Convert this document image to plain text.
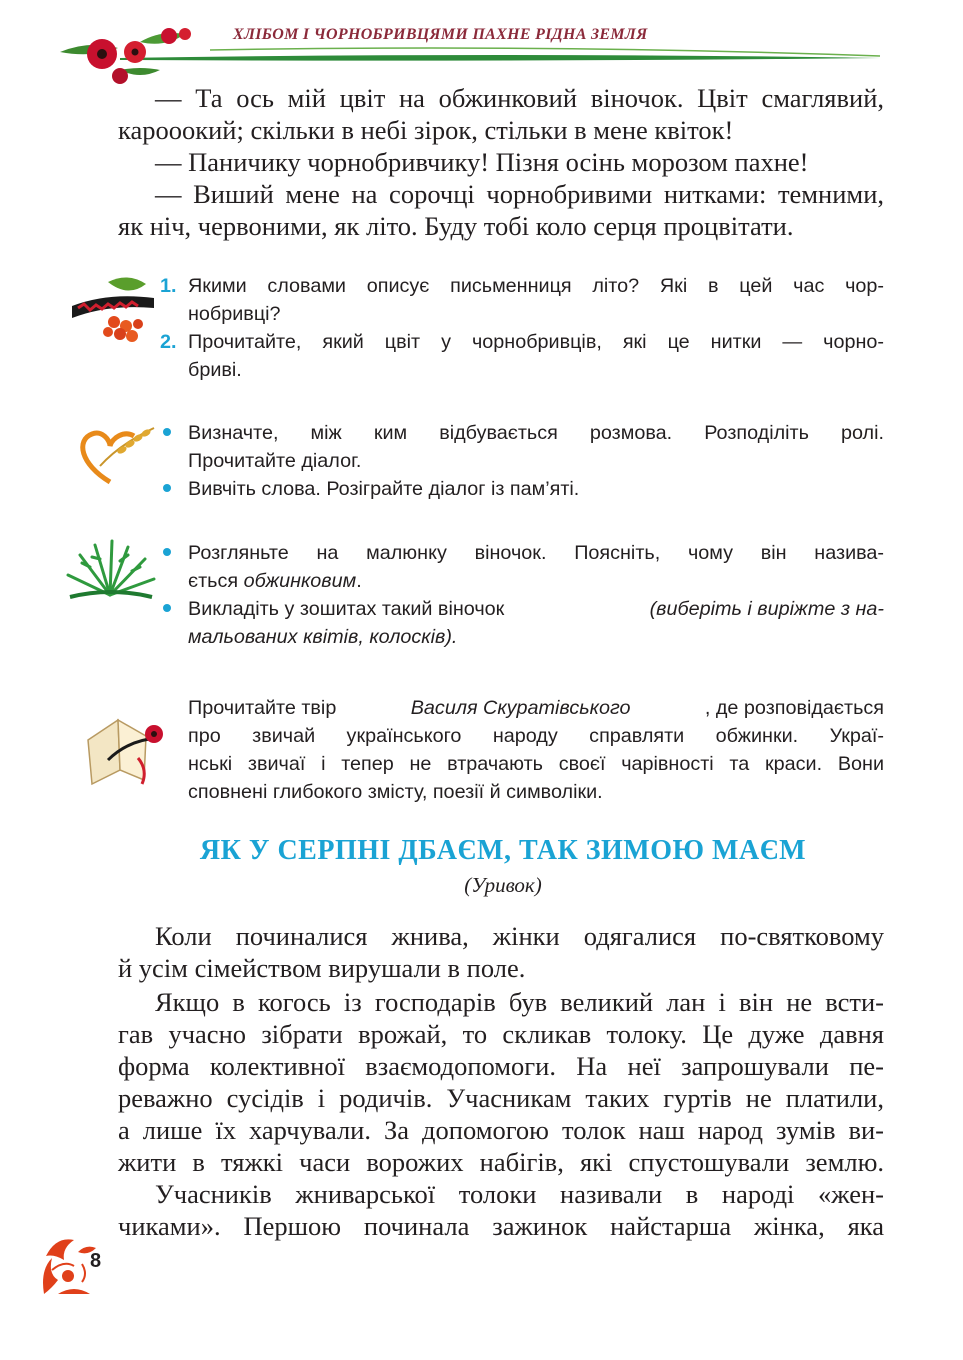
ХЛІБОМ І ЧОРНОБРИВЦЯМИ ПАХНЕ РІДНА ЗЕМЛЯ
— Та ось мій цвіт на обжинковий віночок. Цвіт смаглявий,
карооокий; скільки в небі зірок, стільки в мене квіток!
— Паничику чорнобривчику! Пізня осінь морозом пахне!
— Виший мене на сорочці чорнобривими нитками: темними,
як ніч, червоними, як літо. Буду тобі коло серця процвітати.
1. Якими словами описує письменниця літо? Які в цей час чор-
нобривці?
2. Прочитайте, який цвіт у чорнобривців, які це нитки — чорно-
бриві.
Визначте, між ким відбувається розмова. Розподіліть ролі.
Прочитайте діалог.
Вивчіть слова. Розіграйте діалог із пам’яті.
Розгляньте на малюнку віночок. Поясніть, чому він назива-
ється обжинковим.
Викладіть у зошитах такий віночок	(виберіть і виріжте з на-
мальованих квітів, колосків).
Прочитайте твір	Василя Скуратівського	, де розповідається
про звичай українського народу справляти обжинки. Украї-
нські звичаї і тепер не втрачають своєї чарівності та краси. Вони
сповнені глибокого змісту, поезії й символіки.
ЯК У СЕРПНІ ДБАЄМ, ТАК ЗИМОЮ МАЄМ
(Уривок)
Коли починалися жнива, жінки одягалися по-святковому
й усім сімейством вирушали в поле.
Якщо в когось із господарів був великий лан і він не всти-
гав учасно зібрати врожай, то скликав толоку. Це дуже давня
форма колективної взаємодопомоги. На неї запрошували пе-
реважно сусідів і родичів. Учасникам таких гуртів не платили,
а лише їх харчували. За допомогою толок наш народ зумів ви-
жити в тяжкі часи ворожих набігів, які спустошували землю.
Учасників жниварської толоки називали в народі «жен-
чиками». Першою починала зажинок найстарша жінка, яка
8
